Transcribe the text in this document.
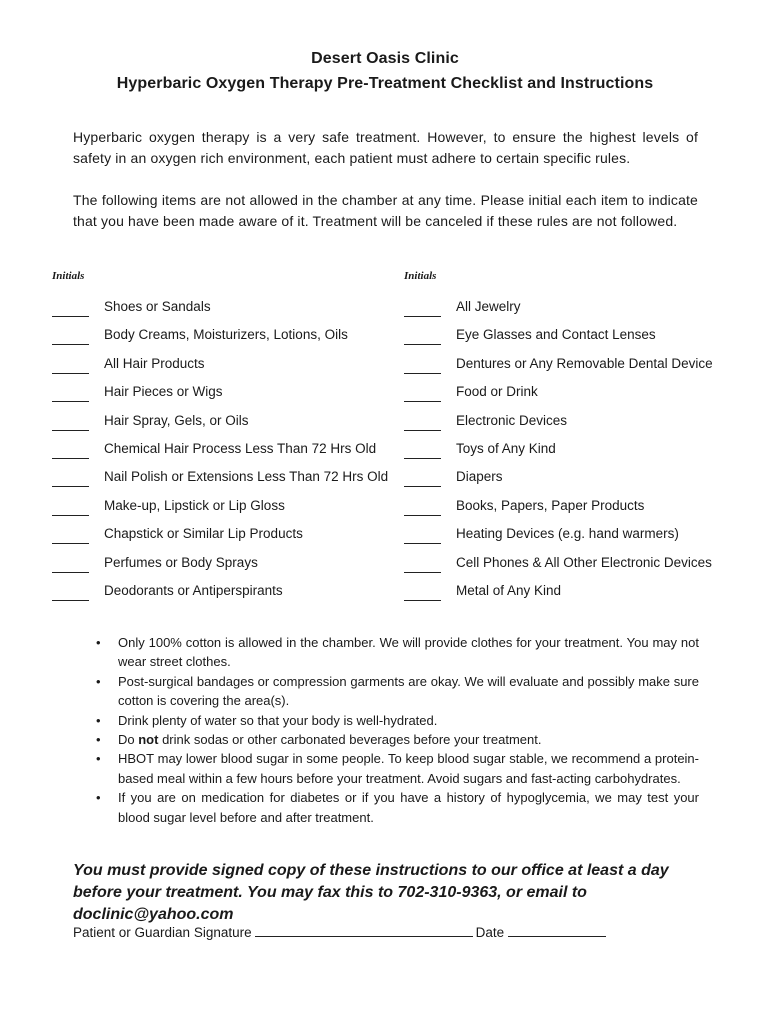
Desert Oasis Clinic
Hyperbaric Oxygen Therapy Pre-Treatment Checklist and Instructions
Hyperbaric oxygen therapy is a very safe treatment. However, to ensure the highest levels of safety in an oxygen rich environment, each patient must adhere to certain specific rules.
The following items are not allowed in the chamber at any time. Please initial each item to indicate that you have been made aware of it. Treatment will be canceled if these rules are not followed.
Initials	Initials
Shoes or Sandals
Body Creams, Moisturizers, Lotions, Oils
All Hair Products
Hair Pieces or Wigs
Hair Spray, Gels, or Oils
Chemical Hair Process Less Than 72 Hrs Old
Nail Polish or Extensions Less Than 72 Hrs Old
Make-up, Lipstick or Lip Gloss
Chapstick or Similar Lip Products
Perfumes or Body Sprays
Deodorants or Antiperspirants
All Jewelry
Eye Glasses and Contact Lenses
Dentures or Any Removable Dental Device
Food or Drink
Electronic Devices
Toys of Any Kind
Diapers
Books, Papers, Paper Products
Heating Devices (e.g. hand warmers)
Cell Phones & All Other Electronic Devices
Metal of Any Kind
• Only 100% cotton is allowed in the chamber. We will provide clothes for your treatment. You may not wear street clothes.
• Post-surgical bandages or compression garments are okay. We will evaluate and possibly make sure cotton is covering the area(s).
• Drink plenty of water so that your body is well-hydrated.
• Do not drink sodas or other carbonated beverages before your treatment.
• HBOT may lower blood sugar in some people. To keep blood sugar stable, we recommend a protein-based meal within a few hours before your treatment. Avoid sugars and fast-acting carbohydrates.
• If you are on medication for diabetes or if you have a history of hypoglycemia, we may test your blood sugar level before and after treatment.
You must provide signed copy of these instructions to our office at least a day before your treatment. You may fax this to 702-310-9363, or email to doclinic@yahoo.com
Patient or Guardian Signature	Date
